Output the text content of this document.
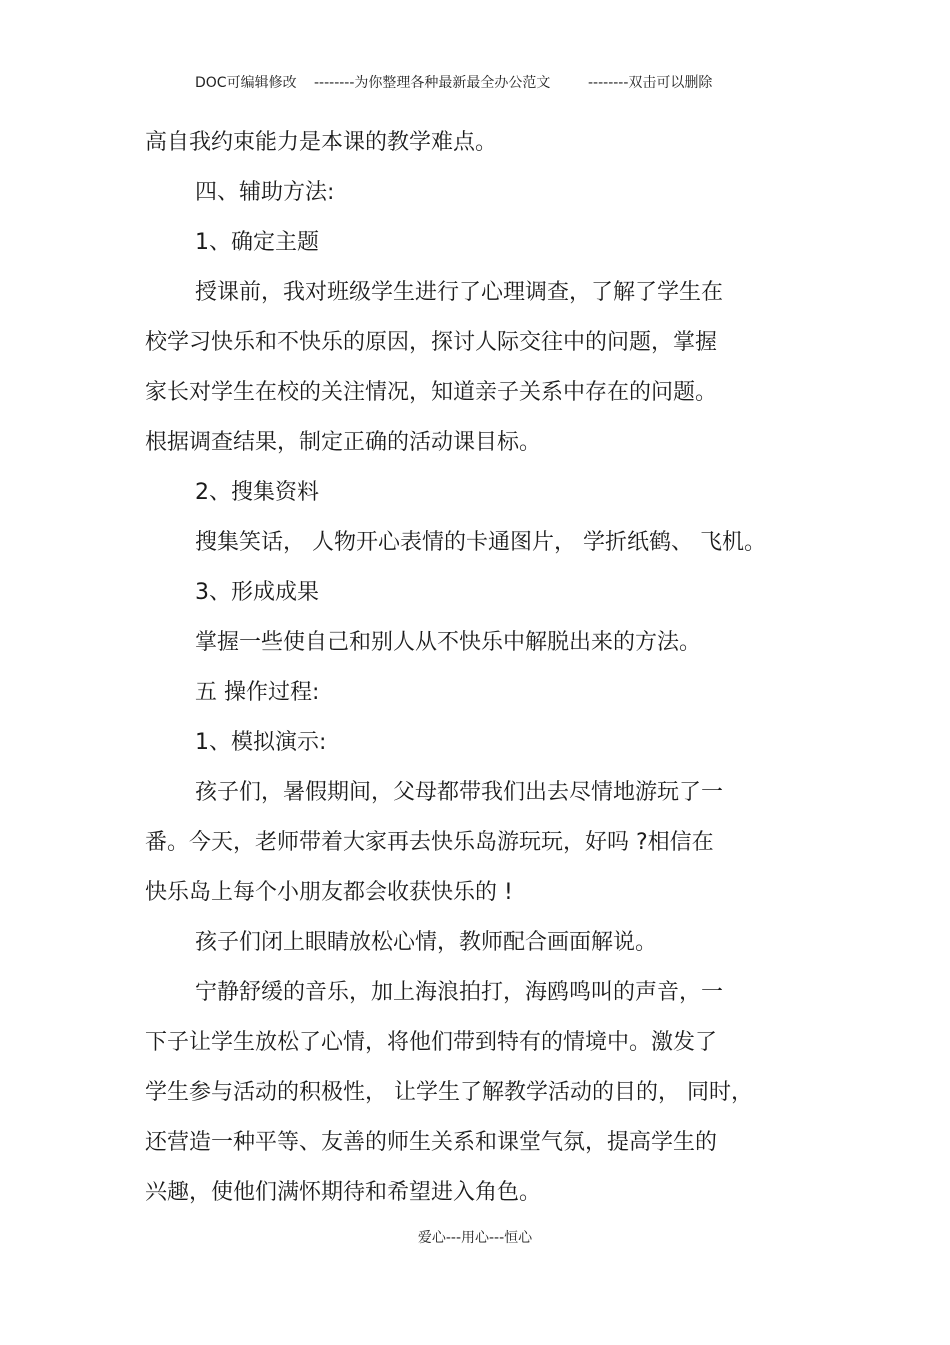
DOC可编辑修改 --------为你整理各种最新最全办公范文	--------双击可以删除
高自我约束能力是本课的教学难点。
四、辅助方法:
1、确定主题
授课前，我对班级学生进行了心理调查，了解了学生在
校学习快乐和不快乐的原因，探讨人际交往中的问题，掌握
家长对学生在校的关注情况，知道亲子关系中存在的问题。
根据调查结果，制定正确的活动课目标。
2、搜集资料
搜集笑话， 人物开心表情的卡通图片， 学折纸鹤、 飞机。
3、形成成果
掌握一些使自己和别人从不快乐中解脱出来的方法。
五 操作过程:
1、模拟演示:
孩子们，暑假期间，父母都带我们出去尽情地游玩了一
番。今天，老师带着大家再去快乐岛游玩玩，好吗 ?相信在
快乐岛上每个小朋友都会收获快乐的 !
孩子们闭上眼睛放松心情，教师配合画面解说。
宁静舒缓的音乐，加上海浪拍打，海鸥鸣叫的声音，一
下子让学生放松了心情，将他们带到特有的情境中。激发了
学生参与活动的积极性， 让学生了解教学活动的目的， 同时，
还营造一种平等、友善的师生关系和课堂气氛，提高学生的
兴趣，使他们满怀期待和希望进入角色。
爱心---用心---恒心
